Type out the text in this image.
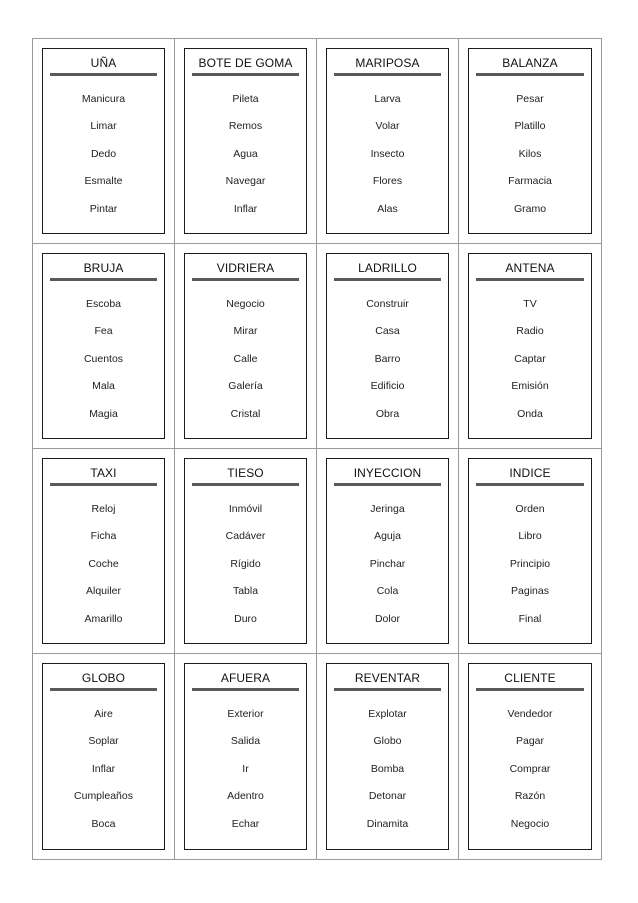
UÑA
Manicura
Limar
Dedo
Esmalte
Pintar
BOTE DE GOMA
Pileta
Remos
Agua
Navegar
Inflar
MARIPOSA
Larva
Volar
Insecto
Flores
Alas
BALANZA
Pesar
Platillo
Kilos
Farmacia
Gramo
BRUJA
Escoba
Fea
Cuentos
Mala
Magia
VIDRIERA
Negocio
Mirar
Calle
Galería
Cristal
LADRILLO
Construir
Casa
Barro
Edificio
Obra
ANTENA
TV
Radio
Captar
Emisión
Onda
TAXI
Reloj
Ficha
Coche
Alquiler
Amarillo
TIESO
Inmóvil
Cadáver
Rígido
Tabla
Duro
INYECCION
Jeringa
Aguja
Pinchar
Cola
Dolor
INDICE
Orden
Libro
Principio
Paginas
Final
GLOBO
Aire
Soplar
Inflar
Cumpleaños
Boca
AFUERA
Exterior
Salida
Ir
Adentro
Echar
REVENTAR
Explotar
Globo
Bomba
Detonar
Dinamita
CLIENTE
Vendedor
Pagar
Comprar
Razón
Negocio
